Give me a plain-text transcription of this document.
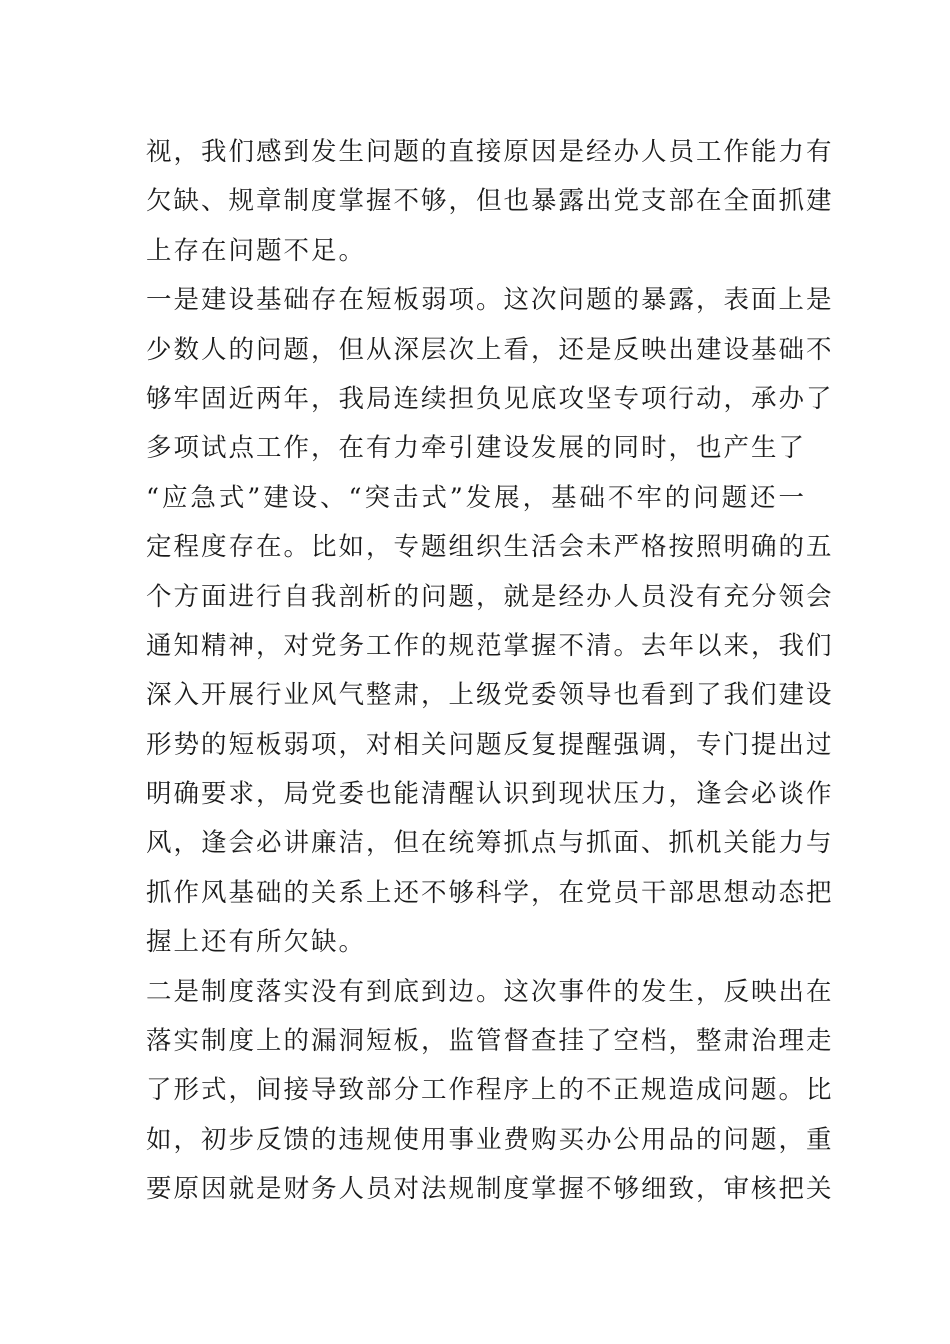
视，我们感到发生问题的直接原因是经办人员工作能力有
欠缺、规章制度掌握不够，但也暴露出党支部在全面抓建
上存在问题不足。
一是建设基础存在短板弱项。这次问题的暴露，表面上是
少数人的问题，但从深层次上看，还是反映出建设基础不
够牢固近两年，我局连续担负见底攻坚专项行动，承办了
多项试点工作，在有力牵引建设发展的同时，也产生了
“应急式”建设、“突击式”发展，基础不牢的问题还一
定程度存在。比如，专题组织生活会未严格按照明确的五
个方面进行自我剖析的问题，就是经办人员没有充分领会
通知精神，对党务工作的规范掌握不清。去年以来，我们
深入开展行业风气整肃，上级党委领导也看到了我们建设
形势的短板弱项，对相关问题反复提醒强调，专门提出过
明确要求，局党委也能清醒认识到现状压力，逢会必谈作
风，逢会必讲廉洁，但在统筹抓点与抓面、抓机关能力与
抓作风基础的关系上还不够科学，在党员干部思想动态把
握上还有所欠缺。
二是制度落实没有到底到边。这次事件的发生，反映出在
落实制度上的漏洞短板，监管督查挂了空档，整肃治理走
了形式，间接导致部分工作程序上的不正规造成问题。比
如，初步反馈的违规使用事业费购买办公用品的问题，重
要原因就是财务人员对法规制度掌握不够细致，审核把关
